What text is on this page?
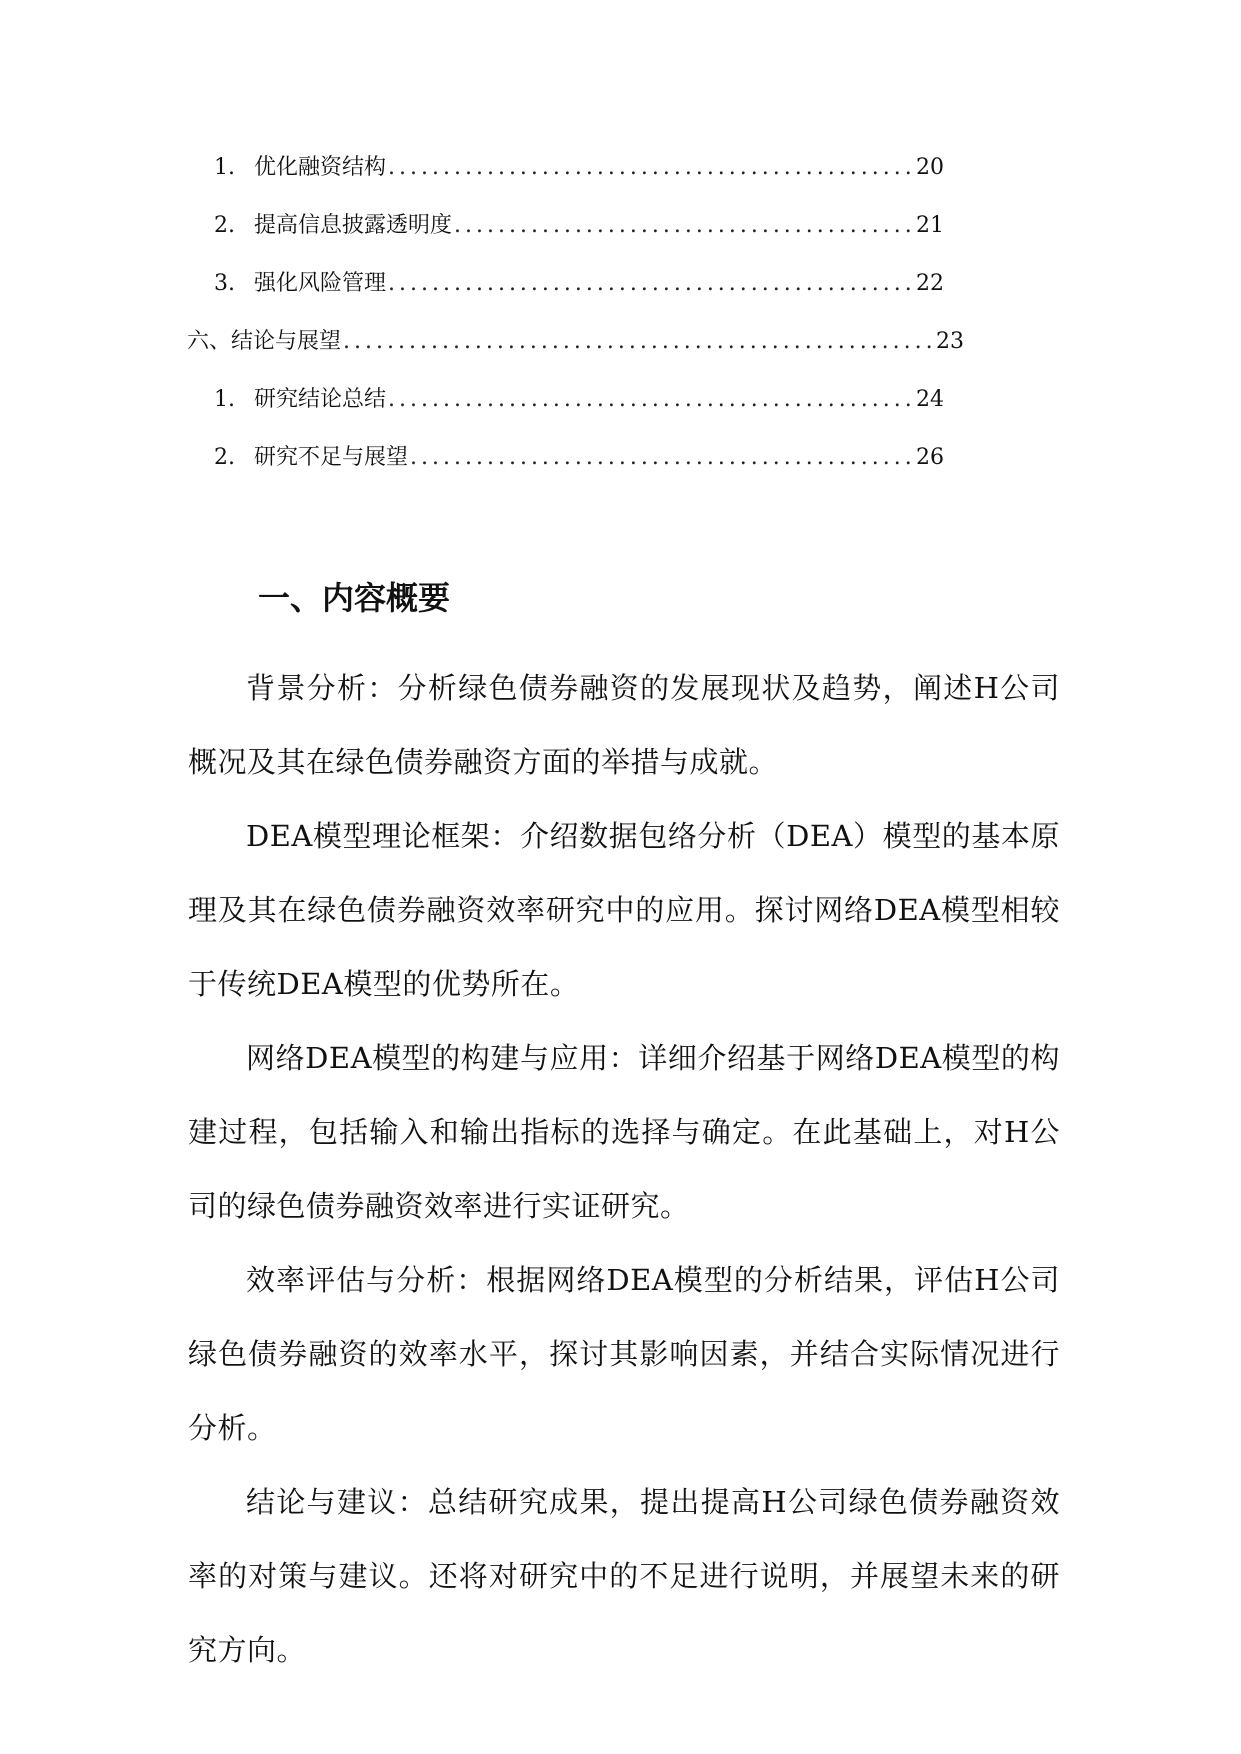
1. 优化融资结构 .....	20
2. 提高信息披露透明度 .....	21
3. 强化风险管理 .....	22
六、结论与展望 .....	23
1. 研究结论总结 .....	24
2. 研究不足与展望 .....	26
一、内容概要

背景分析：分析绿色债券融资的发展现状及趋势，阐述H公司概况及其在绿色债券融资方面的举措与成就。

DEA模型理论框架：介绍数据包络分析（DEA）模型的基本原理及其在绿色债券融资效率研究中的应用。探讨网络DEA模型相较于传统DEA模型的优势所在。

网络DEA模型的构建与应用：详细介绍基于网络DEA模型的构建过程，包括输入和输出指标的选择与确定。在此基础上，对H公司的绿色债券融资效率进行实证研究。

效率评估与分析：根据网络DEA模型的分析结果，评估H公司绿色债券融资的效率水平，探讨其影响因素，并结合实际情况进行分析。

结论与建议：总结研究成果，提出提高H公司绿色债券融资效率的对策与建议。还将对研究中的不足进行说明，并展望未来的研究方向。
